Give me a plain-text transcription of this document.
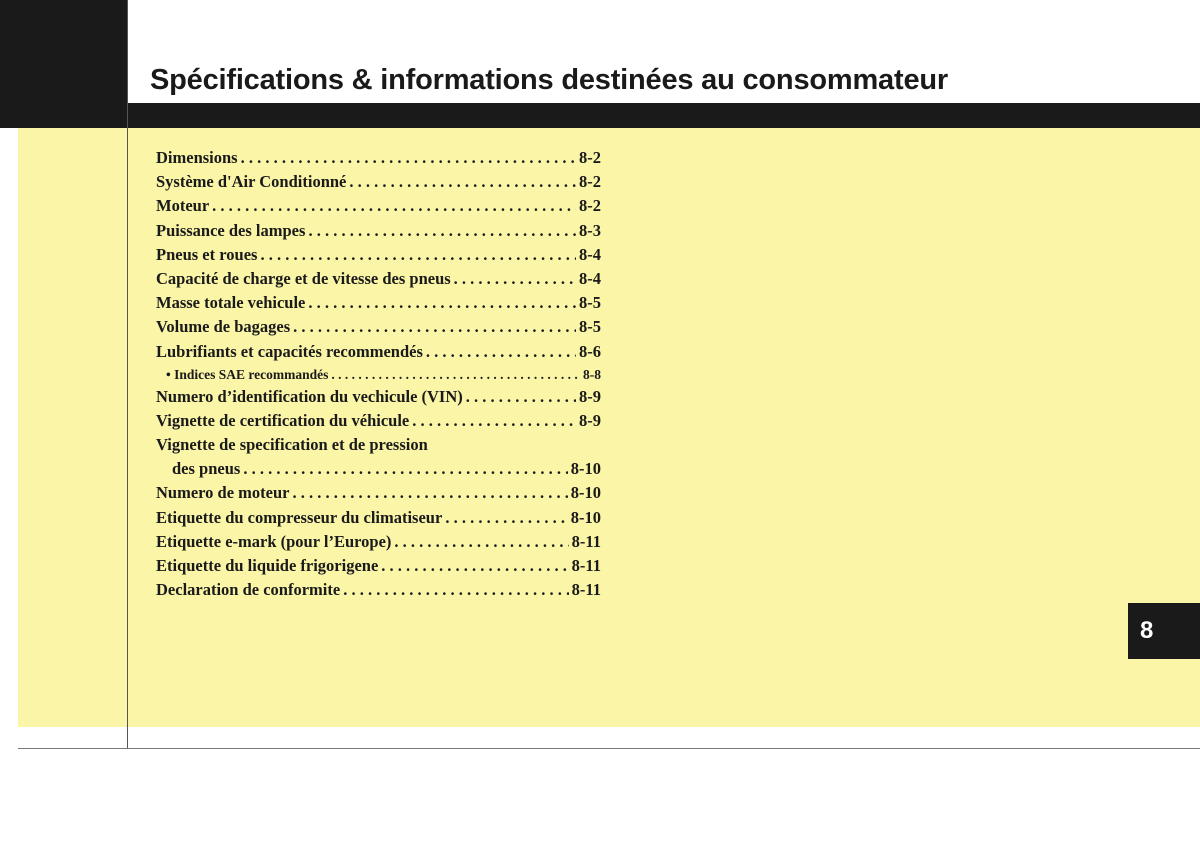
Spécifications & informations destinées au consommateur
Dimensions . . .	8-2
Système d'Air Conditionné . . .	8-2
Moteur . . .	8-2
Puissance des lampes . . .	8-3
Pneus et roues . . .	8-4
Capacité de charge et de vitesse des pneus . . .	8-4
Masse totale vehicule . . .	8-5
Volume de bagages . . .	8-5
Lubrifiants et capacités recommendés . . .	8-6
• Indices SAE recommandés . . .	8-8
Numero d’identification du vechicule (VIN) . . .	8-9
Vignette de certification du véhicule . . .	8-9
Vignette de specification et de pression
des pneus . . .	8-10
Numero de moteur . . .	8-10
Etiquette du compresseur du climatiseur . . .	8-10
Etiquette e-mark (pour l’Europe) . . .	8-11
Etiquette du liquide frigorigene . . .	8-11
Declaration de conformite . . .	8-11
8
